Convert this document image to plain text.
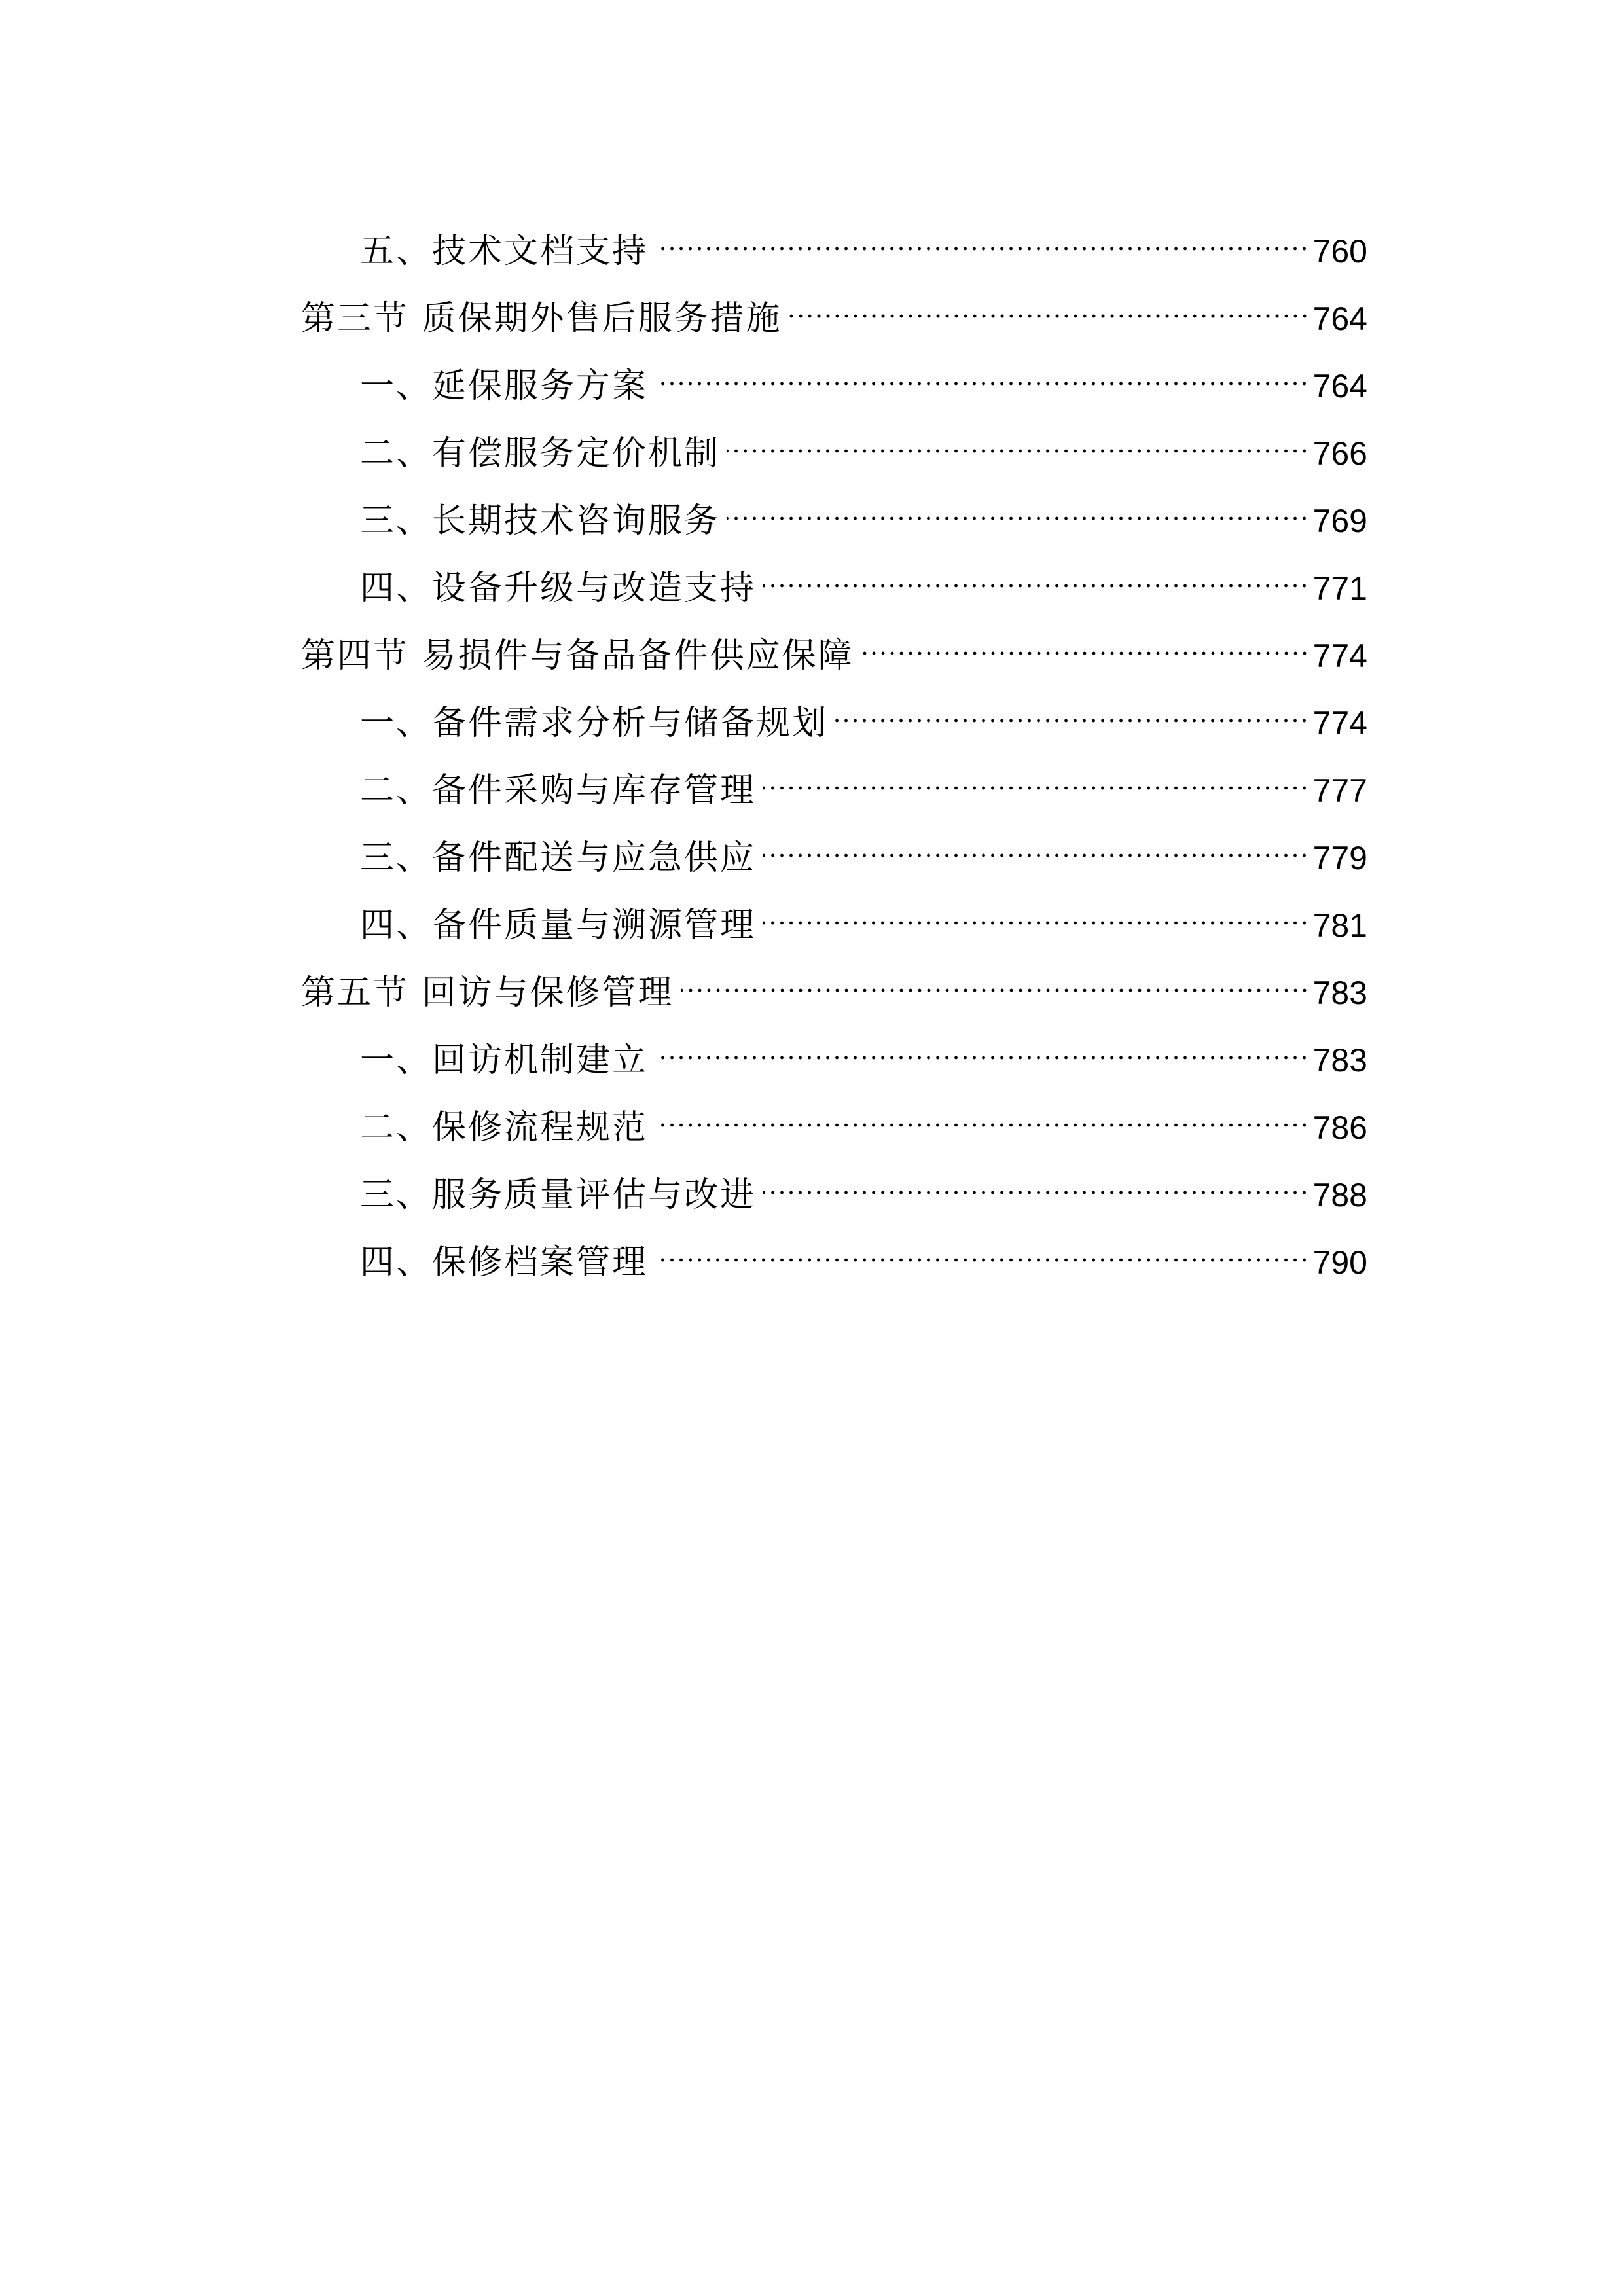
五、技术文档支持	760
第三节 质保期外售后服务措施	764
一、延保服务方案	764
二、有偿服务定价机制	766
三、长期技术咨询服务	769
四、设备升级与改造支持	771
第四节 易损件与备品备件供应保障	774
一、备件需求分析与储备规划	774
二、备件采购与库存管理	777
三、备件配送与应急供应	779
四、备件质量与溯源管理	781
第五节 回访与保修管理	783
一、回访机制建立	783
二、保修流程规范	786
三、服务质量评估与改进	788
四、保修档案管理	790
